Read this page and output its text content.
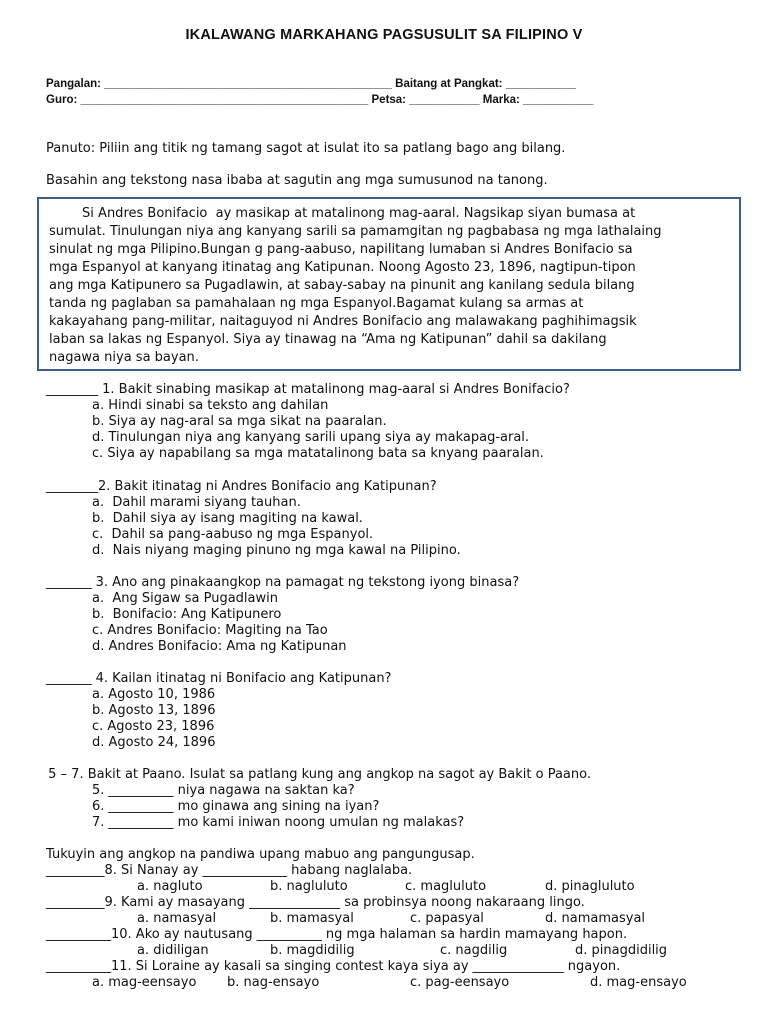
IKALAWANG MARKAHANG PAGSUSULIT SA FILIPINO V
Pangalan: _____________________________________________ Baitang at Pangkat: ___________
Guro: _____________________________________________ Petsa: ___________ Marka: ___________
Panuto: Piliin ang titik ng tamang sagot at isulat ito sa patlang bago ang bilang.
Basahin ang tekstong nasa ibaba at sagutin ang mga sumusunod na tanong.
Si Andres Bonifacio  ay masikap at matalinong mag-aaral. Nagsikap siyan bumasa at
sumulat. Tinulungan niya ang kanyang sarili sa pamamgitan ng pagbabasa ng mga lathalaing
sinulat ng mga Pilipino.Bungan g pang-aabuso, napilitang lumaban si Andres Bonifacio sa
mga Espanyol at kanyang itinatag ang Katipunan. Noong Agosto 23, 1896, nagtipun-tipon
ang mga Katipunero sa Pugadlawin, at sabay-sabay na pinunit ang kanilang sedula bilang
tanda ng paglaban sa pamahalaan ng mga Espanyol.Bagamat kulang sa armas at
kakayahang pang-militar, naitaguyod ni Andres Bonifacio ang malawakang paghihimagsik
laban sa lakas ng Espanyol. Siya ay tinawag na “Ama ng Katipunan” dahil sa dakilang
nagawa niya sa bayan.
________ 1. Bakit sinabing masikap at matalinong mag-aaral si Andres Bonifacio?
a. Hindi sinabi sa teksto ang dahilan
b. Siya ay nag-aral sa mga sikat na paaralan.
d. Tinulungan niya ang kanyang sarili upang siya ay makapag-aral.
c. Siya ay napabilang sa mga matatalinong bata sa knyang paaralan.
________2. Bakit itinatag ni Andres Bonifacio ang Katipunan?
a.  Dahil marami siyang tauhan.
b.  Dahil siya ay isang magiting na kawal.
c.  Dahil sa pang-aabuso ng mga Espanyol.
d.  Nais niyang maging pinuno ng mga kawal na Pilipino.
_______ 3. Ano ang pinakaangkop na pamagat ng tekstong iyong binasa?
a.  Ang Sigaw sa Pugadlawin
b.  Bonifacio: Ang Katipunero
c. Andres Bonifacio: Magiting na Tao
d. Andres Bonifacio: Ama ng Katipunan
_______ 4. Kailan itinatag ni Bonifacio ang Katipunan?
a. Agosto 10, 1986
b. Agosto 13, 1896
c. Agosto 23, 1896
d. Agosto 24, 1896
5 – 7. Bakit at Paano. Isulat sa patlang kung ang angkop na sagot ay Bakit o Paano.
5. __________ niya nagawa na saktan ka?
6. __________ mo ginawa ang sining na iyan?
7. __________ mo kami iniwan noong umulan ng malakas?
Tukuyin ang angkop na pandiwa upang mabuo ang pangungusap.
_________8. Si Nanay ay _____________ habang naglalaba.
a. nagluto	b. nagluluto	c. magluluto	d. pinagluluto
_________9. Kami ay masayang ______________ sa probinsya noong nakaraang lingo.
a. namasyal	b. mamasyal	c. papasyal	d. namamasyal
__________10. Ako ay nautusang __________ ng mga halaman sa hardin mamayang hapon.
a. didiligan	b. magdidilig	c. nagdilig	d. pinagdidilig
__________11. Si Loraine ay kasali sa singing contest kaya siya ay ______________ ngayon.
a. mag-eensayo b. nag-ensayo	c. pag-eensayo	d. mag-ensayo
